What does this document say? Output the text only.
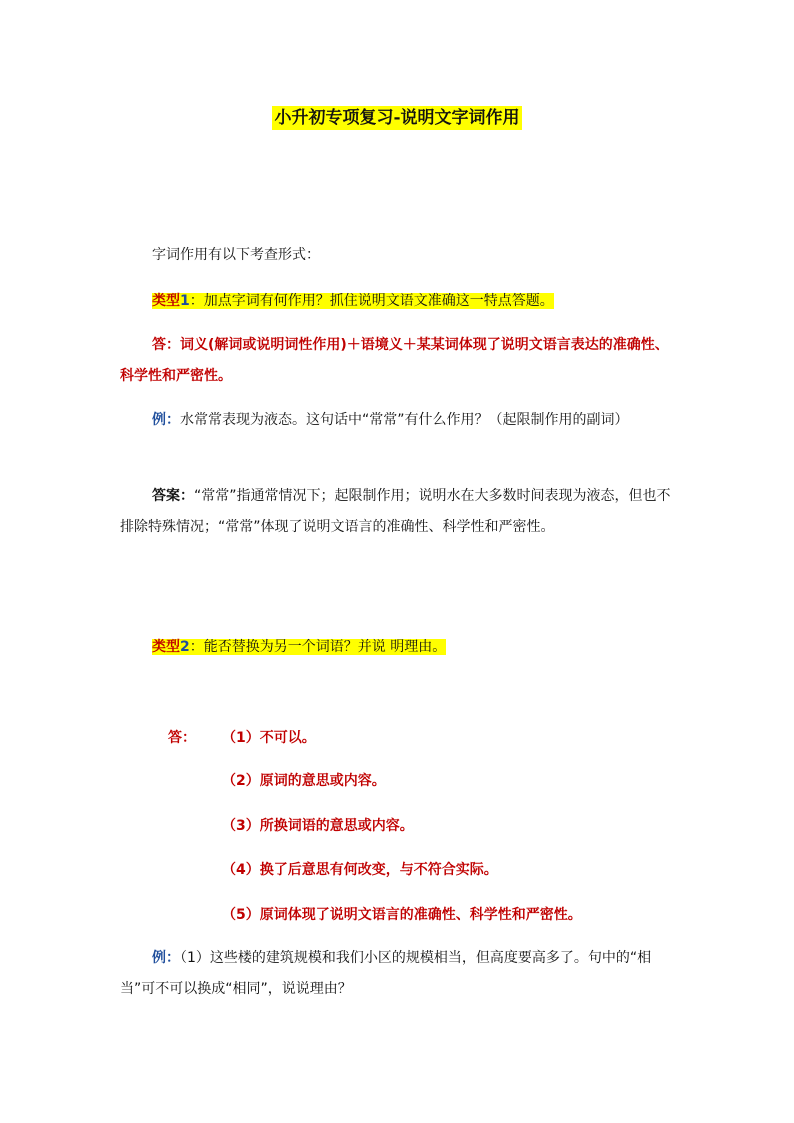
小升初专项复习-说明文字词作用

字词作用有以下考查形式：

类型1：加点字词有何作用？抓住说明文语文准确这一特点答题。

答：词义(解词或说明词性作用)＋语境义＋某某词体现了说明文语言表达的准确性、科学性和严密性。

例：水常常表现为液态。这句话中“常常”有什么作用？（起限制作用的副词）

答案：“常常”指通常情况下；起限制作用；说明水在大多数时间表现为液态，但也不排除特殊情况；“常常”体现了说明文语言的准确性、科学性和严密性。

类型2：能否替换为另一个词语？并说 明理由。

答： （1）不可以。
（2）原词的意思或内容。
（3）所换词语的意思或内容。
（4）换了后意思有何改变，与不符合实际。
（5）原词体现了说明文语言的准确性、科学性和严密性。

例：（1）这些楼的建筑规模和我们小区的规模相当，但高度要高多了。句中的“相当”可不可以换成“相同”，说说理由？
